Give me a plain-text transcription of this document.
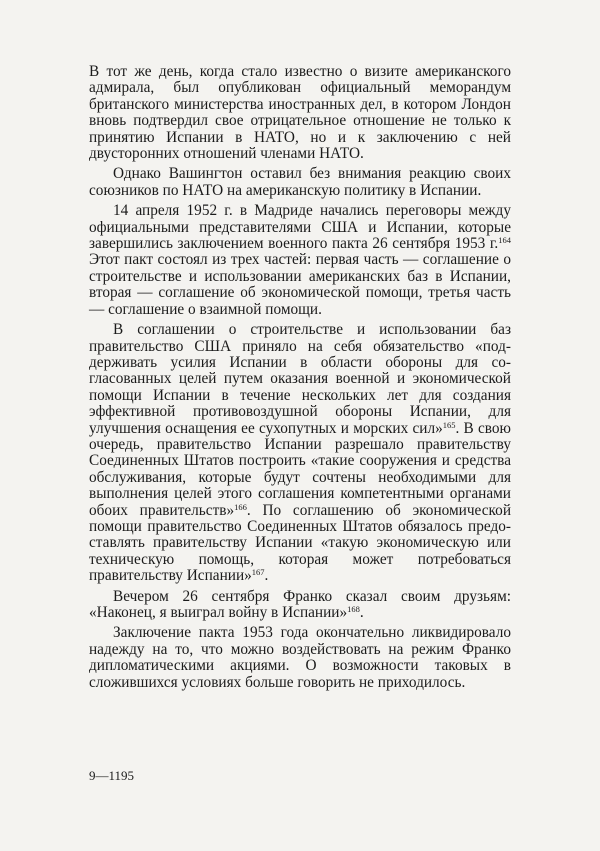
В тот же день, когда стало известно о визите американского адмирала, был опубликован официальный меморандум британского министерства иностранных дел, в котором Лондон вновь подтвердил свое отрицательное отношение не только к принятию Испании в НАТО, но и к заключению с ней двусторонних отношений членами НАТО.

Однако Вашингтон оставил без внимания реакцию своих союзников по НАТО на американскую политику в Испании.

14 апреля 1952 г. в Мадриде начались переговоры между официальными представителями США и Испании, которые завершились заключением военного пакта 26 сентября 1953 г.$^{164}$ Этот пакт состоял из трех частей: первая часть — соглашение о строительстве и использовании американских баз в Испании, вторая — соглашение об экономической помощи, третья часть — соглашение о взаимной помощи.

В соглашении о строительстве и использовании баз правительство США приняло на себя обязательство «поддерживать усилия Испании в области обороны для согласованных целей путем оказания военной и экономической помощи Испании в течение нескольких лет для создания эффективной противовоздушной обороны Испании, для улучшения оснащения ее сухопутных и морских сил»$^{165}$. В свою очередь, правительство Испании разрешало правительству Соединенных Штатов построить «такие сооружения и средства обслуживания, которые будут сочтены необходимыми для выполнения целей этого соглашения компетентными органами обоих правительств»$^{166}$. По соглашению об экономической помощи правительство Соединенных Штатов обязалось предоставлять правительству Испании «такую экономическую или техническую помощь, которая может потребоваться правительству Испании»$^{167}$.

Вечером 26 сентября Франко сказал своим друзьям: «Наконец, я выиграл войну в Испании»$^{168}$.

Заключение пакта 1953 года окончательно ликвидировало надежду на то, что можно воздействовать на режим Франко дипломатическими акциями. О возможности таковых в сложившихся условиях больше говорить не приходилось.

9—1195
